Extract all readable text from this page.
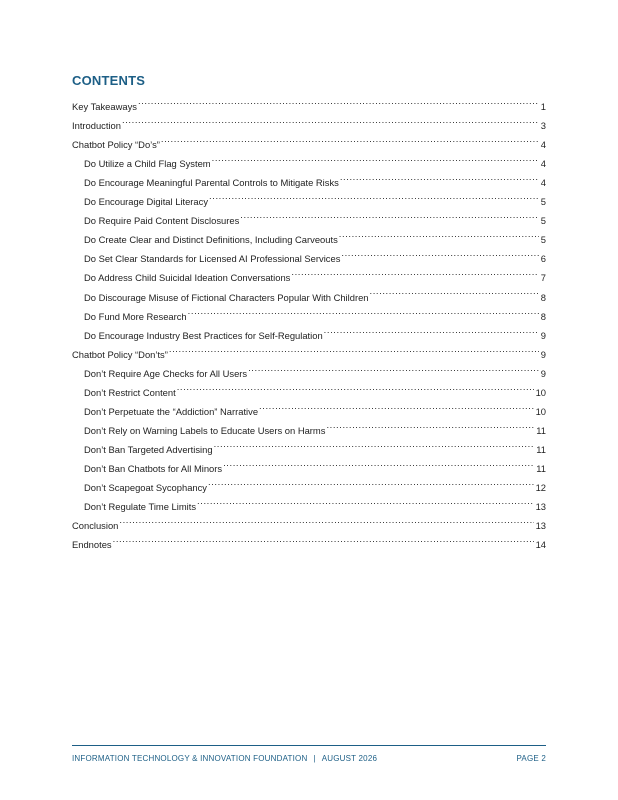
CONTENTS
Key Takeaways .....	1
Introduction .....	3
Chatbot Policy “Do’s” .....	4
Do Utilize a Child Flag System .....	4
Do Encourage Meaningful Parental Controls to Mitigate Risks .....	4
Do Encourage Digital Literacy .....	5
Do Require Paid Content Disclosures .....	5
Do Create Clear and Distinct Definitions, Including Carveouts .....	5
Do Set Clear Standards for Licensed AI Professional Services .....	6
Do Address Child Suicidal Ideation Conversations .....	7
Do Discourage Misuse of Fictional Characters Popular With Children .....	8
Do Fund More Research .....	8
Do Encourage Industry Best Practices for Self-Regulation .....	9
Chatbot Policy “Don’ts” .....	9
Don’t Require Age Checks for All Users .....	9
Don’t Restrict Content .....	10
Don’t Perpetuate the “Addiction” Narrative .....	10
Don’t Rely on Warning Labels to Educate Users on Harms .....	11
Don’t Ban Targeted Advertising .....	11
Don’t Ban Chatbots for All Minors .....	11
Don’t Scapegoat Sycophancy .....	12
Don’t Regulate Time Limits .....	13
Conclusion .....	13
Endnotes .....	14
INFORMATION TECHNOLOGY & INNOVATION FOUNDATION | AUGUST 2026	PAGE 2
